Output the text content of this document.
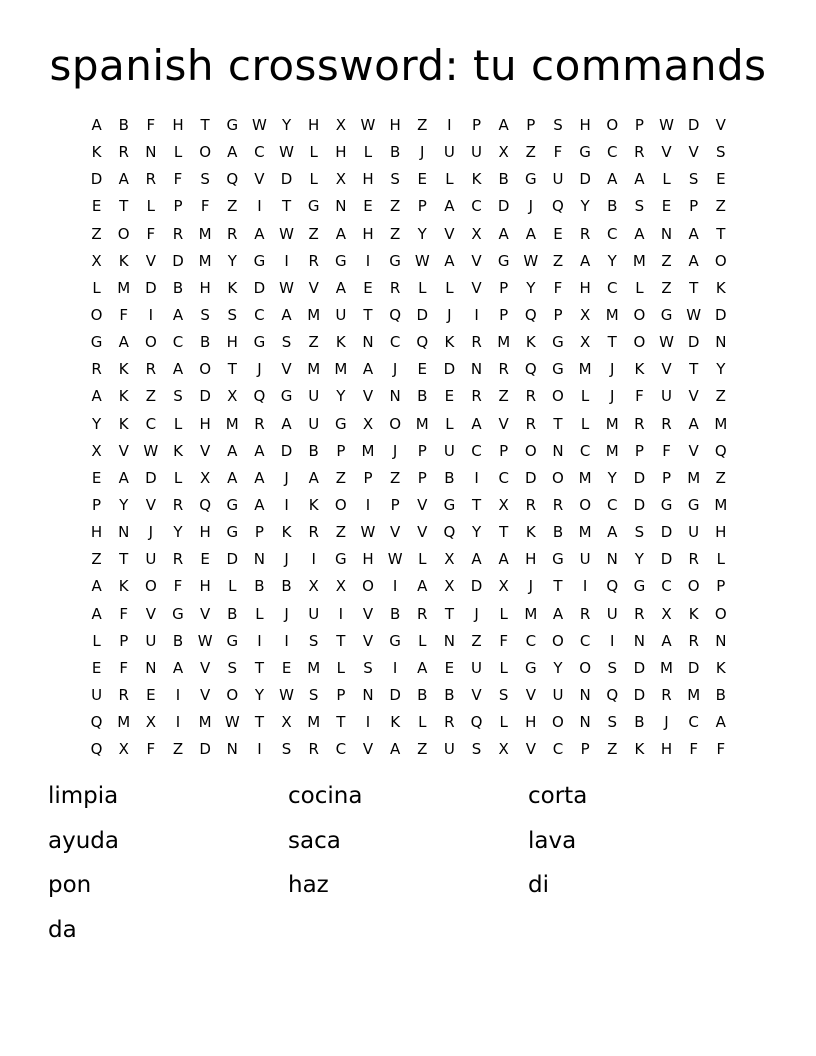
spanish crossword: tu commands
A	B	F	H	T	G W	Y	H	X W H	Z	I	P	A	P	S	H	O	P	W D	V
K	R	N	L	O	A	C W	L	H	L	B	J	U	U	X	Z	F	G	C	R	V	V	S
D	A	R	F	S	Q	V	D	L	X	H	S	E	L	K	B	G	U	D	A	A	L	S	E
E	T	L	P	F	Z	I	T	G	N	E	Z	P	A	C	D	J	Q	Y	B	S	E	P	Z
Z	O	F	R	M	R	A W Z	A	H	Z	Y	V	X	A	A	E	R	C	A	N	A	T
X	K	V	D M	Y	G	I	R	G	I	G W A	V	G W Z	A	Y	M	Z	A	O
L	M D	B	H	K	D W V	A	E	R	L	L	V	P	Y	F	H	C	L	Z	T	K
O	F	I	A	S	S	C	A	M	U	T	Q	D	J	I	P	Q	P	X	M O	G W D
G	A	O	C	B	H	G	S	Z	K	N	C	Q	K	R	M	K	G	X	T	O W D	N
R	K	R	A	O	T	J	V	M M	A	J	E	D	N	R	Q	G M	J	K	V	T	Y
A	K	Z	S	D	X	Q	G	U	Y	V	N	B	E	R	Z	R	O	L	J	F	U	V	Z
Y	K	C	L	H	M	R	A	U	G	X	O M	L	A	V	R	T	L	M	R	R	A	M
X	V W K	V	A	A	D	B	P	M	J	P	U	C	P	O	N	C	M	P	F	V	Q
E	A	D	L	X	A	A	J	A	Z	P	Z	P	B	I	C	D	O M	Y	D	P	M	Z
P	Y	V	R	Q	G	A	I	K	O	I	P	V	G	T	X	R	R	O	C	D	G	G M
H	N	J	Y	H	G	P	K	R	Z W V	V	Q	Y	T	K	B	M	A	S	D	U	H
Z	T	U	R	E	D	N	J	I	G	H W	L	X	A	A	H	G	U	N	Y	D	R	L
A	K	O	F	H	L	B	B	X	X	O	I	A	X	D	X	J	T	I	Q	G	C	O	P
A	F	V	G	V	B	L	J	U	I	V	B	R	T	J	L	M	A	R	U	R	X	K	O
L	P	U	B W G	I	I	S	T	V	G	L	N	Z	F	C	O	C	I	N	A	R	N
E	F	N	A	V	S	T	E	M	L	S	I	A	E	U	L	G	Y	O	S	D M D	K
U	R	E	I	V	O	Y	W S	P	N	D	B	B	V	S	V	U	N	Q	D	R	M	B
Q M	X	I	M W	T	X	M	T	I	K	L	R	Q	L	H	O	N	S	B	J	C	A
Q	X	F	Z	D	N	I	S	R	C	V	A	Z	U	S	X	V	C	P	Z	K	H	F	F
limpia	cocina	corta
ayuda	saca	lava
pon	haz	di
da
